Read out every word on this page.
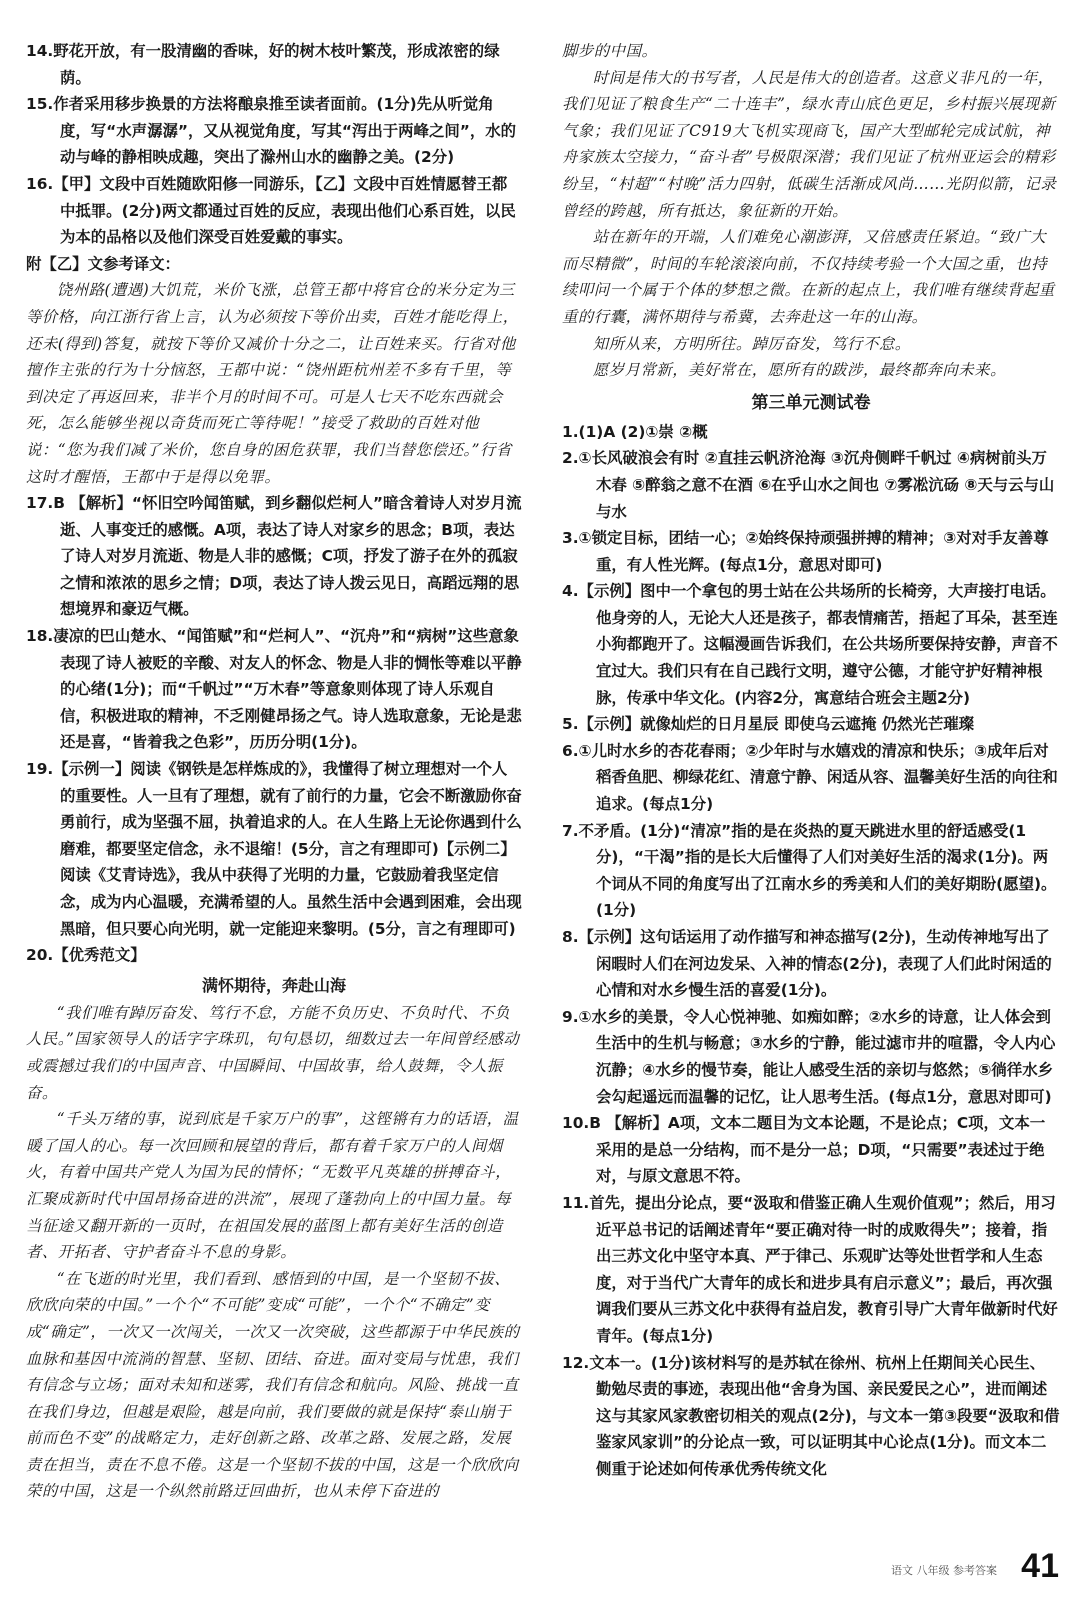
14.野花开放，有一股清幽的香味，好的树木枝叶繁茂，形成浓密的绿荫。

15.作者采用移步换景的方法将酿泉推至读者面前。(1分)先从听觉角度，写“水声潺潺”，又从视觉角度，写其“泻出于两峰之间”，水的动与峰的静相映成趣，突出了滁州山水的幽静之美。(2分)

16.【甲】文段中百姓随欧阳修一同游乐，【乙】文段中百姓情愿替王都中抵罪。(2分)两文都通过百姓的反应，表现出他们心系百姓，以民为本的品格以及他们深受百姓爱戴的事实。

附【乙】文参考译文：

饶州路(遭遇)大饥荒，米价飞涨，总管王都中将官仓的米分定为三等价格，向江浙行省上言，认为必须按下等价出卖，百姓才能吃得上，还未(得到)答复，就按下等价又减价十分之二，让百姓来买。行省对他擅作主张的行为十分恼怒，王都中说：“饶州距杭州差不多有千里，等到决定了再返回来，非半个月的时间不可。可是人七天不吃东西就会死，怎么能够坐视以奇货而死亡等待呢！”接受了救助的百姓对他说：“您为我们减了米价，您自身的困危获罪，我们当替您偿还。”行省这时才醒悟，王都中于是得以免罪。

17.B 【解析】“怀旧空吟闻笛赋，到乡翻似烂柯人”暗含着诗人对岁月流逝、人事变迁的感慨。A项，表达了诗人对家乡的思念；B项，表达了诗人对岁月流逝、物是人非的感慨；C项，抒发了游子在外的孤寂之情和浓浓的思乡之情；D项，表达了诗人拨云见日，高蹈远翔的思想境界和豪迈气概。

18.凄凉的巴山楚水、“闻笛赋”和“烂柯人”、“沉舟”和“病树”这些意象表现了诗人被贬的辛酸、对友人的怀念、物是人非的惆怅等难以平静的心绪(1分)；而“千帆过”“万木春”等意象则体现了诗人乐观自信，积极进取的精神，不乏刚健昂扬之气。诗人选取意象，无论是悲还是喜，“皆着我之色彩”，历历分明(1分)。

19.【示例一】阅读《钢铁是怎样炼成的》，我懂得了树立理想对一个人的重要性。人一旦有了理想，就有了前行的力量，它会不断激励你奋勇前行，成为坚强不屈，执着追求的人。在人生路上无论你遇到什么磨难，都要坚定信念，永不退缩！(5分，言之有理即可)【示例二】阅读《艾青诗选》，我从中获得了光明的力量，它鼓励着我坚定信念，成为内心温暖，充满希望的人。虽然生活中会遇到困难，会出现黑暗，但只要心向光明，就一定能迎来黎明。(5分，言之有理即可)

20.【优秀范文】

满怀期待，奔赴山海

“我们唯有踔厉奋发、笃行不怠，方能不负历史、不负时代、不负人民。”国家领导人的话字字珠玑，句句恳切，细数过去一年间曾经感动或震撼过我们的中国声音、中国瞬间、中国故事，给人鼓舞，令人振奋。

“千头万绪的事，说到底是千家万户的事”，这铿锵有力的话语，温暖了国人的心。每一次回顾和展望的背后，都有着千家万户的人间烟火，有着中国共产党人为国为民的情怀；“无数平凡英雄的拼搏奋斗，汇聚成新时代中国昂扬奋进的洪流”，展现了蓬勃向上的中国力量。每当征途又翻开新的一页时，在祖国发展的蓝图上都有美好生活的创造者、开拓者、守护者奋斗不息的身影。

“在飞逝的时光里，我们看到、感悟到的中国，是一个坚韧不拔、欣欣向荣的中国。”一个个“不可能”变成“可能”，一个个“不确定”变成“确定”，一次又一次闯关，一次又一次突破，这些都源于中华民族的血脉和基因中流淌的智慧、坚韧、团结、奋进。面对变局与忧患，我们有信念与立场；面对未知和迷雾，我们有信念和航向。风险、挑战一直在我们身边，但越是艰险，越是向前，我们要做的就是保持“泰山崩于前而色不变”的战略定力，走好创新之路、改革之路、发展之路，发展责在担当，责在不息不倦。这是一个坚韧不拔的中国，这是一个欣欣向荣的中国，这是一个纵然前路迂回曲折，也从未停下奋进的

脚步的中国。

时间是伟大的书写者，人民是伟大的创造者。这意义非凡的一年，我们见证了粮食生产“二十连丰”，绿水青山底色更足，乡村振兴展现新气象；我们见证了C919大飞机实现商飞，国产大型邮轮完成试航，神舟家族太空接力，“奋斗者”号极限深潜；我们见证了杭州亚运会的精彩纷呈，“村超”“村晚”活力四射，低碳生活渐成风尚……光阴似箭，记录曾经的跨越，所有抵达，象征新的开始。

站在新年的开端，人们难免心潮澎湃，又倍感责任紧迫。“致广大而尽精微”，时间的车轮滚滚向前，不仅持续考验一个大国之重，也持续叩问一个属于个体的梦想之微。在新的起点上，我们唯有继续背起重重的行囊，满怀期待与希冀，去奔赴这一年的山海。

知所从来，方明所往。踔厉奋发，笃行不怠。

愿岁月常新，美好常在，愿所有的跋涉，最终都奔向未来。

第三单元测试卷

1.(1)A (2)①崇 ②概

2.①长风破浪会有时 ②直挂云帆济沧海 ③沉舟侧畔千帆过 ④病树前头万木春 ⑤醉翁之意不在酒 ⑥在乎山水之间也 ⑦雾凇沆砀 ⑧天与云与山与水

3.①锁定目标，团结一心；②始终保持顽强拼搏的精神；③对对手友善尊重，有人性光辉。(每点1分，意思对即可)

4.【示例】图中一个拿包的男士站在公共场所的长椅旁，大声接打电话。他身旁的人，无论大人还是孩子，都表情痛苦，捂起了耳朵，甚至连小狗都跑开了。这幅漫画告诉我们，在公共场所要保持安静，声音不宜过大。我们只有在自己践行文明，遵守公德，才能守护好精神根脉，传承中华文化。(内容2分，寓意结合班会主题2分)

5.【示例】就像灿烂的日月星辰 即使乌云遮掩 仍然光芒璀璨

6.①儿时水乡的杏花春雨；②少年时与水嬉戏的清凉和快乐；③成年后对稻香鱼肥、柳绿花红、清意宁静、闲适从容、温馨美好生活的向往和追求。(每点1分)

7.不矛盾。(1分)“清凉”指的是在炎热的夏天跳进水里的舒适感受(1分)，“干渴”指的是长大后懂得了人们对美好生活的渴求(1分)。两个词从不同的角度写出了江南水乡的秀美和人们的美好期盼(愿望)。(1分)

8.【示例】这句话运用了动作描写和神态描写(2分)，生动传神地写出了闲暇时人们在河边发呆、入神的情态(2分)，表现了人们此时闲适的心情和对水乡慢生活的喜爱(1分)。

9.①水乡的美景，令人心悦神驰、如痴如醉；②水乡的诗意，让人体会到生活中的生机与畅意；③水乡的宁静，能过滤市井的喧嚣，令人内心沉静；④水乡的慢节奏，能让人感受生活的亲切与悠然；⑤徜徉水乡会勾起遥远而温馨的记忆，让人思考生活。(每点1分，意思对即可)

10.B 【解析】A项，文本二题目为文本论题，不是论点；C项，文本一采用的是总一分结构，而不是分一总；D项，“只需要”表述过于绝对，与原文意思不符。

11.首先，提出分论点，要“汲取和借鉴正确人生观价值观”；然后，用习近平总书记的话阐述青年“要正确对待一时的成败得失”；接着，指出三苏文化中坚守本真、严于律己、乐观旷达等处世哲学和人生态度，对于当代广大青年的成长和进步具有启示意义”；最后，再次强调我们要从三苏文化中获得有益启发，教育引导广大青年做新时代好青年。(每点1分)

12.文本一。(1分)该材料写的是苏轼在徐州、杭州上任期间关心民生、勤勉尽责的事迹，表现出他“舍身为国、亲民爱民之心”，进而阐述这与其家风家教密切相关的观点(2分)，与文本一第③段要“汲取和借鉴家风家训”的分论点一致，可以证明其中心论点(1分)。而文本二侧重于论述如何传承优秀传统文化

语文 八年级 参考答案 41
